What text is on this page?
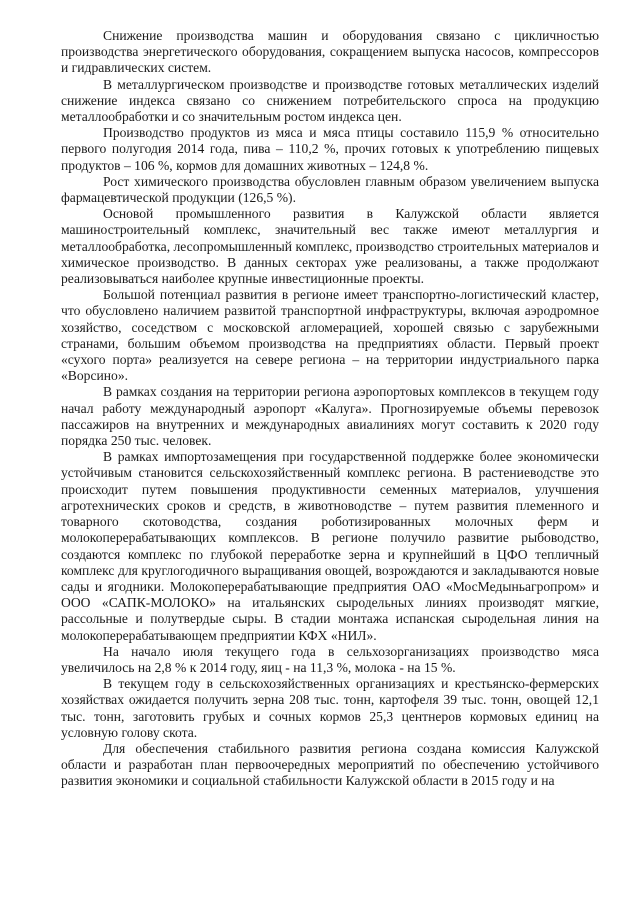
Снижение производства машин и оборудования связано с цикличностью производства энергетического оборудования, сокращением выпуска насосов, компрессоров и гидравлических систем.

В металлургическом производстве и производстве готовых металлических изделий снижение индекса связано со снижением потребительского спроса на продукцию металлообработки и со значительным ростом индекса цен.

Производство продуктов из мяса и мяса птицы составило 115,9 % относительно первого полугодия 2014 года, пива – 110,2 %, прочих готовых к употреблению пищевых продуктов – 106 %, кормов для домашних животных – 124,8 %.

Рост химического производства обусловлен главным образом увеличением выпуска фармацевтической продукции (126,5 %).

Основой промышленного развития в Калужской области является машиностроительный комплекс, значительный вес также имеют металлургия и металлообработка, лесопромышленный комплекс, производство строительных материалов и химическое производство. В данных секторах уже реализованы, а также продолжают реализовываться наиболее крупные инвестиционные проекты.

Большой потенциал развития в регионе имеет транспортно-логистический кластер, что обусловлено наличием развитой транспортной инфраструктуры, включая аэродромное хозяйство, соседством с московской агломерацией, хорошей связью с зарубежными странами, большим объемом производства на предприятиях области. Первый проект «сухого порта» реализуется на севере региона – на территории индустриального парка «Ворсино».

В рамках создания на территории региона аэропортовых комплексов в текущем году начал работу международный аэропорт «Калуга». Прогнозируемые объемы перевозок пассажиров на внутренних и международных авиалиниях могут составить к 2020 году порядка 250 тыс. человек.

В рамках импортозамещения при государственной поддержке более экономически устойчивым становится сельскохозяйственный комплекс региона. В растениеводстве это происходит путем повышения продуктивности семенных материалов, улучшения агротехнических сроков и средств, в животноводстве – путем развития племенного и товарного скотоводства, создания роботизированных молочных ферм и молокоперерабатывающих комплексов. В регионе получило развитие рыбоводство, создаются комплекс по глубокой переработке зерна и крупнейший в ЦФО тепличный комплекс для круглогодичного выращивания овощей, возрождаются и закладываются новые сады и ягодники. Молокоперерабатывающие предприятия ОАО «МосМедыньагропром» и ООО «САПК-МОЛОКО» на итальянских сыродельных линиях производят мягкие, рассольные и полутвердые сыры. В стадии монтажа испанская сыродельная линия на молокоперерабатывающем предприятии КФХ «НИЛ».

На начало июля текущего года в сельхозорганизациях производство мяса увеличилось на 2,8 % к 2014 году, яиц - на 11,3 %, молока - на 15 %.

В текущем году в сельскохозяйственных организациях и крестьянско-фермерских хозяйствах ожидается получить зерна 208 тыс. тонн, картофеля 39 тыс. тонн, овощей 12,1 тыс. тонн, заготовить грубых и сочных кормов 25,3 центнеров кормовых единиц на условную голову скота.

Для обеспечения стабильного развития региона создана комиссия Калужской области и разработан план первоочередных мероприятий по обеспечению устойчивого развития экономики и социальной стабильности Калужской области в 2015 году и на
